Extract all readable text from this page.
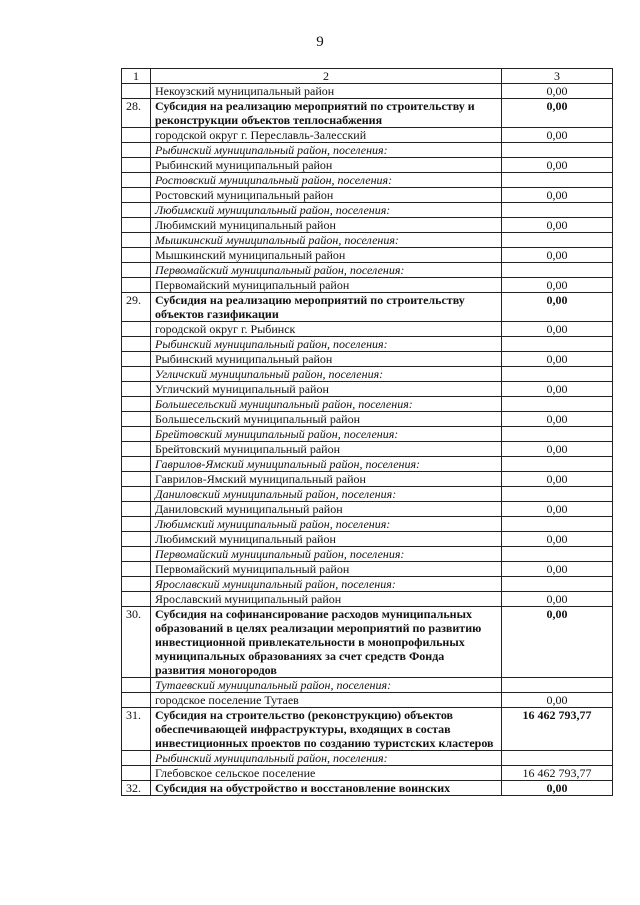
9
1	2	3
	Некоузский муниципальный район	0,00
28.	Субсидия на реализацию мероприятий по строительству и реконструкции объектов теплоснабжения	0,00
	городской округ г. Переславль-Залесский	0,00
	Рыбинский муниципальный район, поселения:	
	Рыбинский муниципальный район	0,00
	Ростовский муниципальный район, поселения:	
	Ростовский муниципальный район	0,00
	Любимский муниципальный район, поселения:	
	Любимский муниципальный район	0,00
	Мышкинский муниципальный район, поселения:	
	Мышкинский муниципальный район	0,00
	Первомайский муниципальный район, поселения:	
	Первомайский муниципальный район	0,00
29.	Субсидия на реализацию мероприятий по строительству объектов газификации	0,00
	городской округ г. Рыбинск	0,00
	Рыбинский муниципальный район, поселения:	
	Рыбинский муниципальный район	0,00
	Угличский муниципальный район, поселения:	
	Угличский муниципальный район	0,00
	Большесельский муниципальный район, поселения:	
	Большесельский муниципальный район	0,00
	Брейтовский муниципальный район, поселения:	
	Брейтовский муниципальный район	0,00
	Гаврилов-Ямский муниципальный район, поселения:	
	Гаврилов-Ямский муниципальный район	0,00
	Даниловский муниципальный район, поселения:	
	Даниловский муниципальный район	0,00
	Любимский муниципальный район, поселения:	
	Любимский муниципальный район	0,00
	Первомайский муниципальный район, поселения:	
	Первомайский муниципальный район	0,00
	Ярославский муниципальный район, поселения:	
	Ярославский муниципальный район	0,00
30.	Субсидия на софинансирование расходов муниципальных образований в целях реализации мероприятий по развитию инвестиционной привлекательности в монопрофильных муниципальных образованиях за счет средств Фонда развития моногородов	0,00
	Тутаевский муниципальный район, поселения:	
	городское поселение Тутаев	0,00
31.	Субсидия на строительство (реконструкцию) объектов обеспечивающей инфраструктуры, входящих в состав инвестиционных проектов по созданию туристских кластеров	16 462 793,77
	Рыбинский муниципальный район, поселения:	
	Глебовское сельское поселение	16 462 793,77
32.	Субсидия на обустройство и восстановление воинских	0,00
